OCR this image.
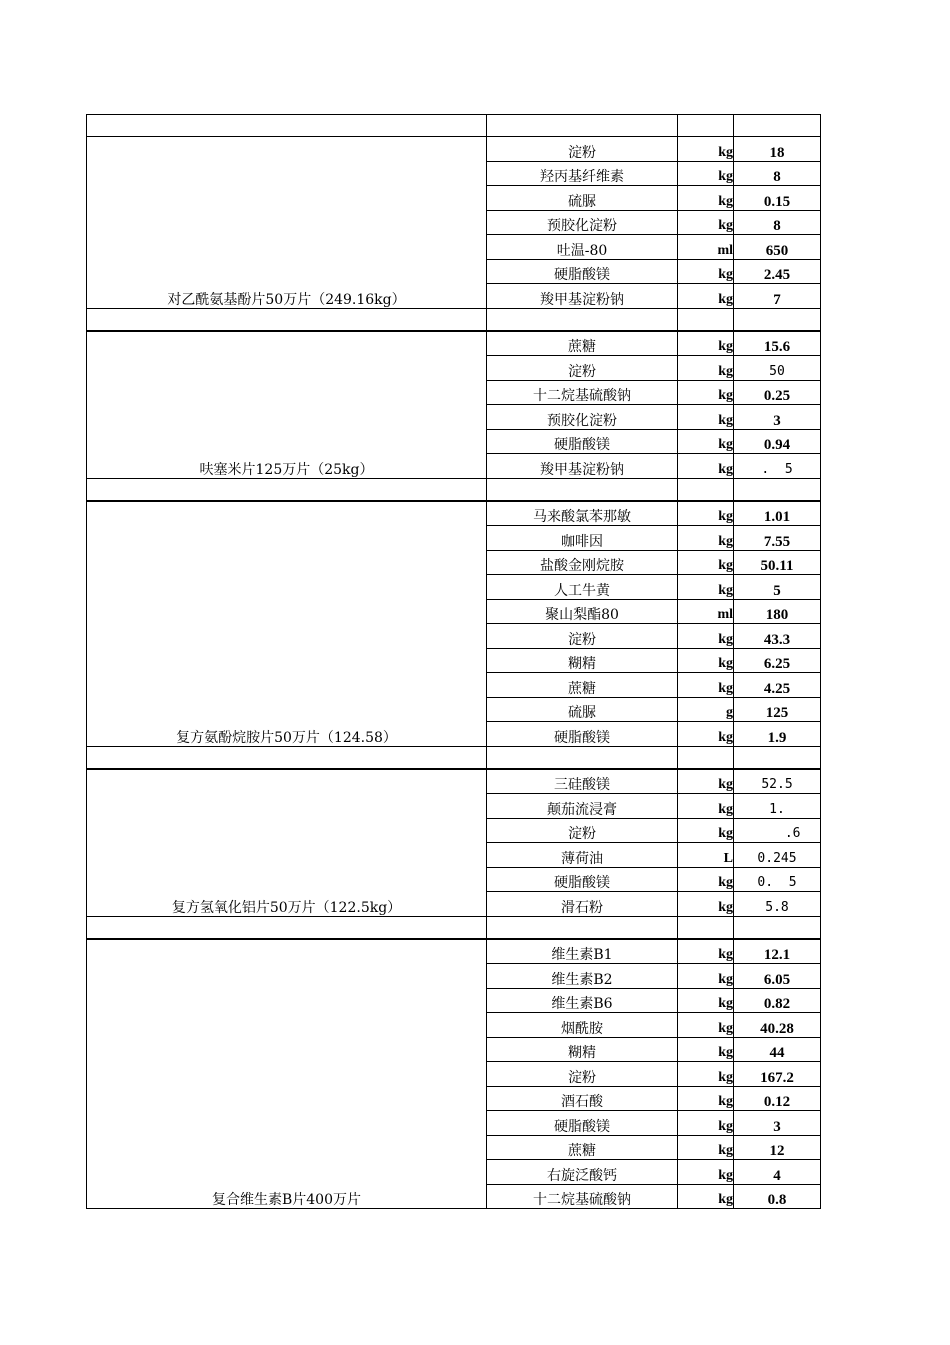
对乙酰氨基酚片50万片（249.16kg）	淀粉	kg	18
	羟丙基纤维素	kg	8
	硫脲	kg	0.15
	预胶化淀粉	kg	8
	吐温-80	ml	650
	硬脂酸镁	kg	2.45
	羧甲基淀粉钠	kg	7

呋塞米片125万片（25kg）	蔗糖	kg	15.6
	淀粉	kg	50
	十二烷基硫酸钠	kg	0.25
	预胶化淀粉	kg	3
	硬脂酸镁	kg	0.94
	羧甲基淀粉钠	kg	.  5

复方氨酚烷胺片50万片（124.58）	马来酸氯苯那敏	kg	1.01
	咖啡因	kg	7.55
	盐酸金刚烷胺	kg	50.11
	人工牛黄	kg	5
	聚山梨酯80	ml	180
	淀粉	kg	43.3
	糊精	kg	6.25
	蔗糖	kg	4.25
	硫脲	g	125
	硬脂酸镁	kg	1.9

复方氢氧化铝片50万片（122.5kg）	三硅酸镁	kg	52.5
	颠茄流浸膏	kg	1.
	淀粉	kg	.6
	薄荷油	L	0.245
	硬脂酸镁	kg	0.  5
	滑石粉	kg	5.8

复合维生素B片400万片	维生素B1	kg	12.1
	维生素B2	kg	6.05
	维生素B6	kg	0.82
	烟酰胺	kg	40.28
	糊精	kg	44
	淀粉	kg	167.2
	酒石酸	kg	0.12
	硬脂酸镁	kg	3
	蔗糖	kg	12
	右旋泛酸钙	kg	4
	十二烷基硫酸钠	kg	0.8
